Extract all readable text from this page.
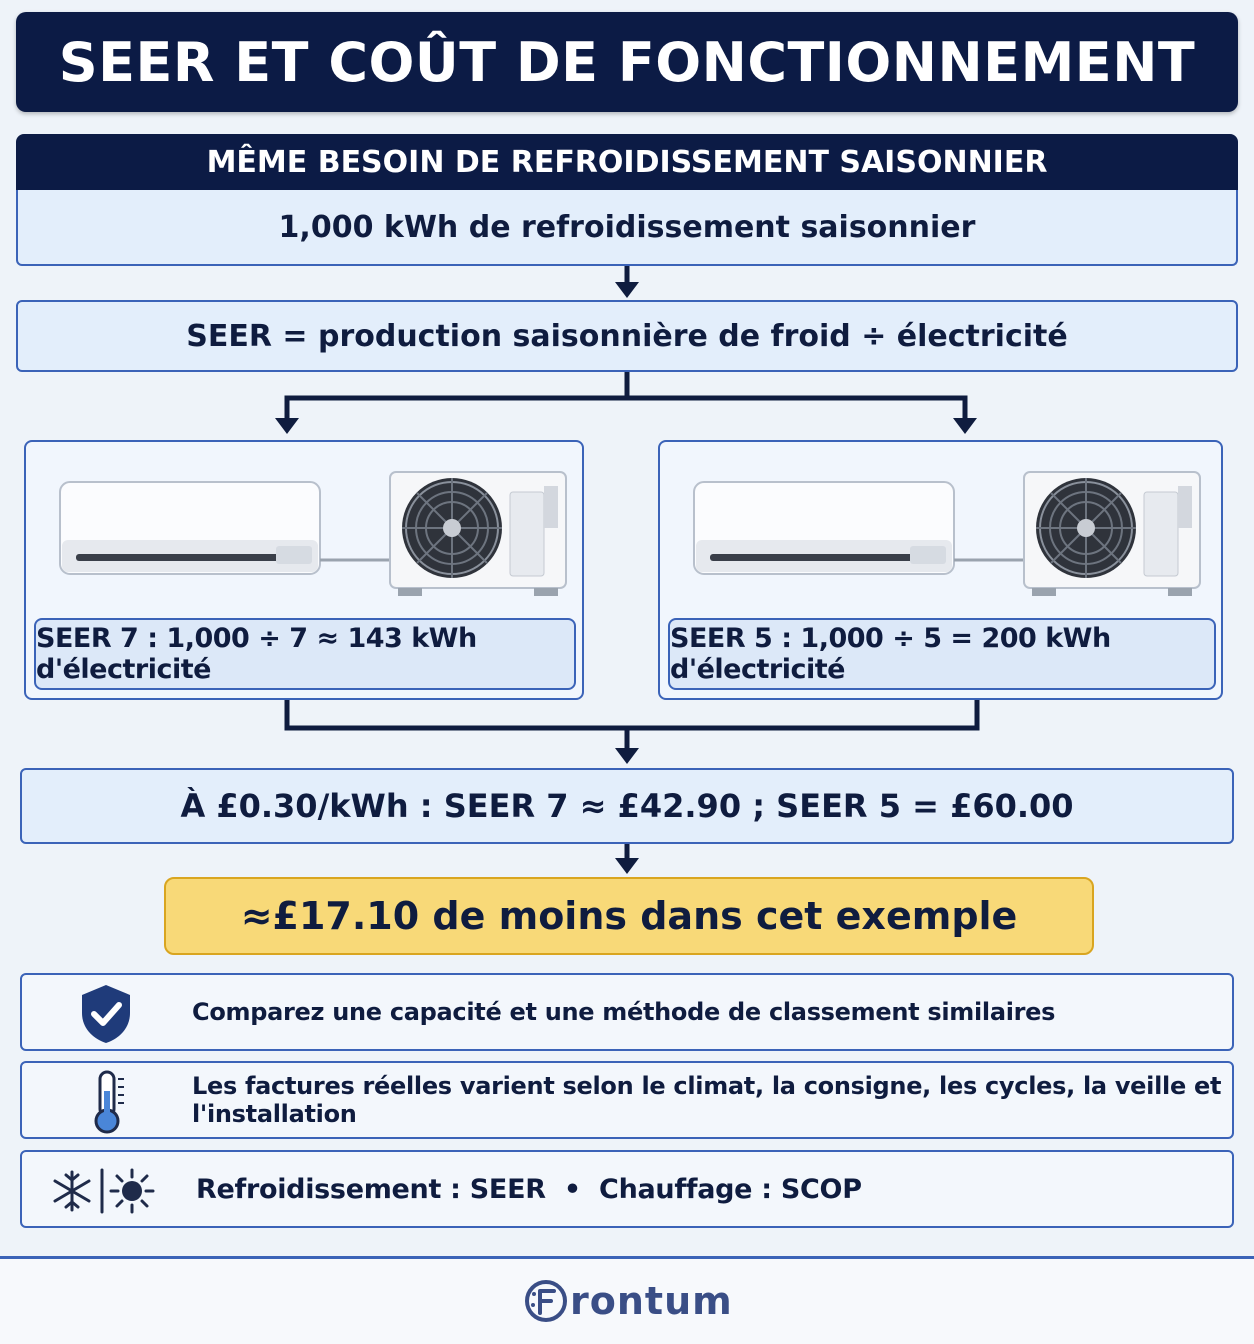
SEER ET COÛT DE FONCTIONNEMENT
MÊME BESOIN DE REFROIDISSEMENT SAISONNIER
1,000 kWh de refroidissement saisonnier
SEER = production saisonnière de froid ÷ électricité
SEER 7 : 1,000 ÷ 7 ≈ 143 kWh d'électricité
SEER 5 : 1,000 ÷ 5 = 200 kWh d'électricité
À £0.30/kWh : SEER 7 ≈ £42.90 ; SEER 5 = £60.00
≈£17.10 de moins dans cet exemple
Comparez une capacité et une méthode de classement similaires
Les factures réelles varient selon le climat, la consigne, les cycles, la veille et l'installation
Refroidissement : SEER  •  Chauffage : SCOP
rontum
